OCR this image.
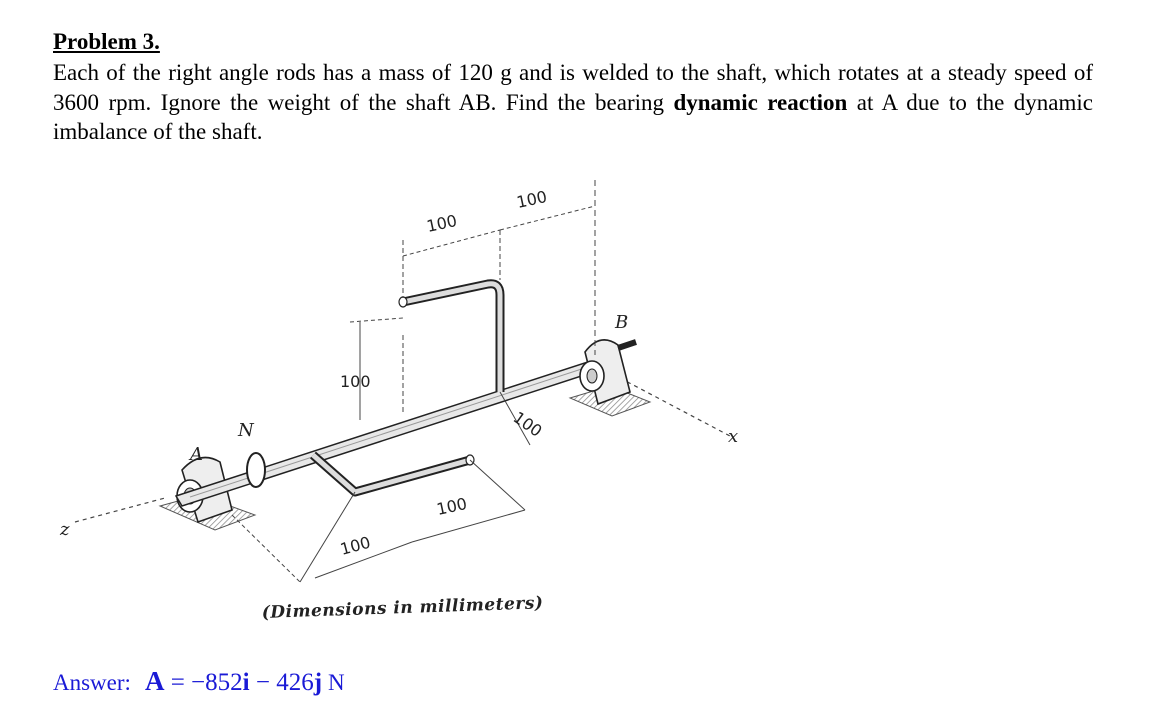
Problem 3.
Each of the right angle rods has a mass of 120 g and is welded to the shaft, which rotates at a steady speed of 3600 rpm. Ignore the weight of the shaft AB. Find the bearing dynamic reaction at A due to the dynamic imbalance of the shaft.
z
x
N
A
B
100
100
100
100
100
100
(Dimensions in millimeters)
Answer: A = −852i − 426j N
